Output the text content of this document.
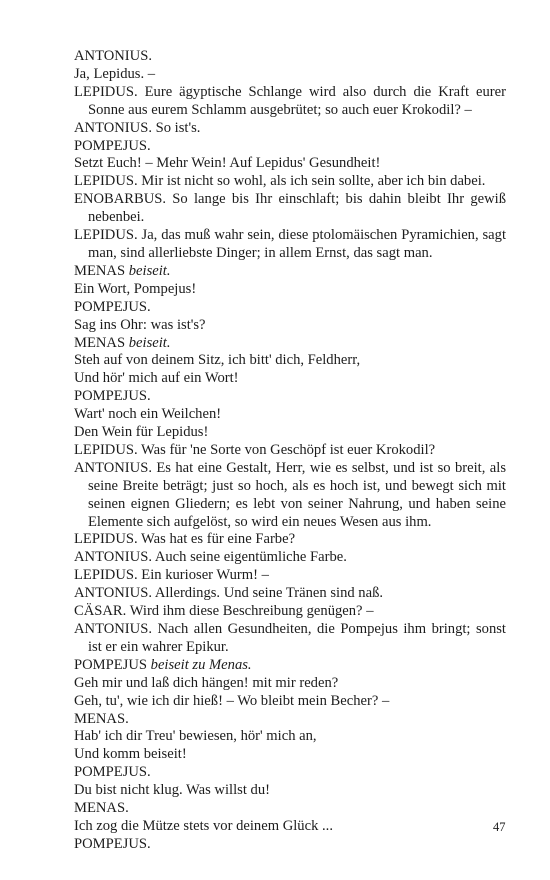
ANTONIUS.
Ja, Lepidus. –
LEPIDUS. Eure ägyptische Schlange wird also durch die Kraft eurer Sonne aus eurem Schlamm ausgebrütet; so auch euer Krokodil? –
ANTONIUS. So ist's.
POMPEJUS.
Setzt Euch! – Mehr Wein! Auf Lepidus' Gesundheit!
LEPIDUS. Mir ist nicht so wohl, als ich sein sollte, aber ich bin dabei.
ENOBARBUS. So lange bis Ihr einschlaft; bis dahin bleibt Ihr gewiß nebenbei.
LEPIDUS. Ja, das muß wahr sein, diese ptolomäischen Pyramichien, sagt man, sind allerliebste Dinger; in allem Ernst, das sagt man.
MENAS beiseit.
Ein Wort, Pompejus!
POMPEJUS.
Sag ins Ohr: was ist's?
MENAS beiseit.
Steh auf von deinem Sitz, ich bitt' dich, Feldherr,
Und hör' mich auf ein Wort!
POMPEJUS.
Wart' noch ein Weilchen!
Den Wein für Lepidus!
LEPIDUS. Was für 'ne Sorte von Geschöpf ist euer Krokodil?
ANTONIUS. Es hat eine Gestalt, Herr, wie es selbst, und ist so breit, als seine Breite beträgt; just so hoch, als es hoch ist, und bewegt sich mit seinen eignen Gliedern; es lebt von seiner Nahrung, und haben seine Elemente sich aufgelöst, so wird ein neues Wesen aus ihm.
LEPIDUS. Was hat es für eine Farbe?
ANTONIUS. Auch seine eigentümliche Farbe.
LEPIDUS. Ein kurioser Wurm! –
ANTONIUS. Allerdings. Und seine Tränen sind naß.
CÄSAR. Wird ihm diese Beschreibung genügen? –
ANTONIUS. Nach allen Gesundheiten, die Pompejus ihm bringt; sonst ist er ein wahrer Epikur.
POMPEJUS beiseit zu Menas.
Geh mir und laß dich hängen! mit mir reden?
Geh, tu', wie ich dir hieß! – Wo bleibt mein Becher? –
MENAS.
Hab' ich dir Treu' bewiesen, hör' mich an,
Und komm beiseit!
POMPEJUS.
Du bist nicht klug. Was willst du!
MENAS.
Ich zog die Mütze stets vor deinem Glück ...
POMPEJUS.
47
